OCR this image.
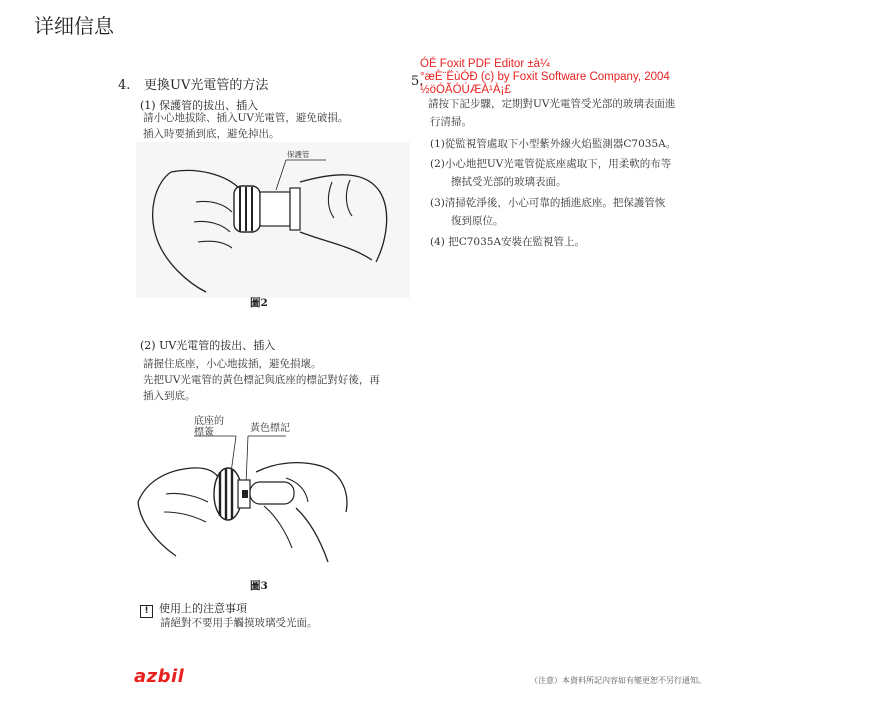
详细信息
4. 更換UV光電管的方法
(1) 保護管的拔出、插入
請小心地拔除、插入UV光電管，避免破損。
插入時要插到底，避免掉出。
保護管
圖2
(2) UV光電管的拔出、插入
請握住底座，小心地拔插，避免損壞。
先把UV光電管的黃色標記與底座的標記對好後，再
插入到底。
底座的
標簽	黃色標記
圖3
! 使用上的注意事項
請絕對不要用手觸摸玻璃受光面。
5.
ÓÉ Foxit PDF Editor ±à¼
°æÈ¨ËùÓÐ (c) by Foxit Software Company, 2004
½öÓÃÓÚÆÀ¹À¡£
請按下記步驟，定期對UV光電管受光部的玻璃表面進
行清掃。
(1)從監視管處取下小型紫外線火焰監測器C7035A。
(2)小心地把UV光電管從底座處取下，用柔軟的布等
擦拭受光部的玻璃表面。
(3)清掃乾淨後，小心可靠的插進底座。把保護管恢
復到原位。
(4) 把C7035A安裝在監視管上。
azbil	（注意）本資料所記內容如有變更恕不另行通知。
